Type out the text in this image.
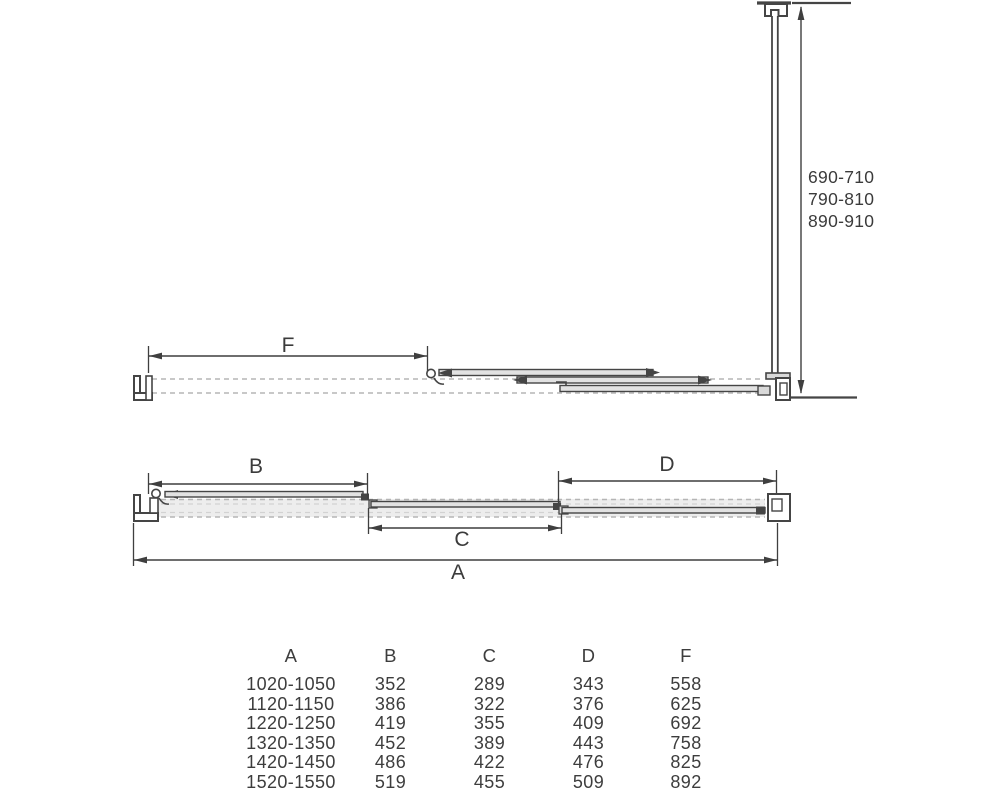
690-710
790-810
890-910
F
B	D
C
A
A	B	C	D	F
1020-1050	352	289	343	558
1120-1150	386	322	376	625
1220-1250	419	355	409	692
1320-1350	452	389	443	758
1420-1450	486	422	476	825
1520-1550	519	455	509	892
